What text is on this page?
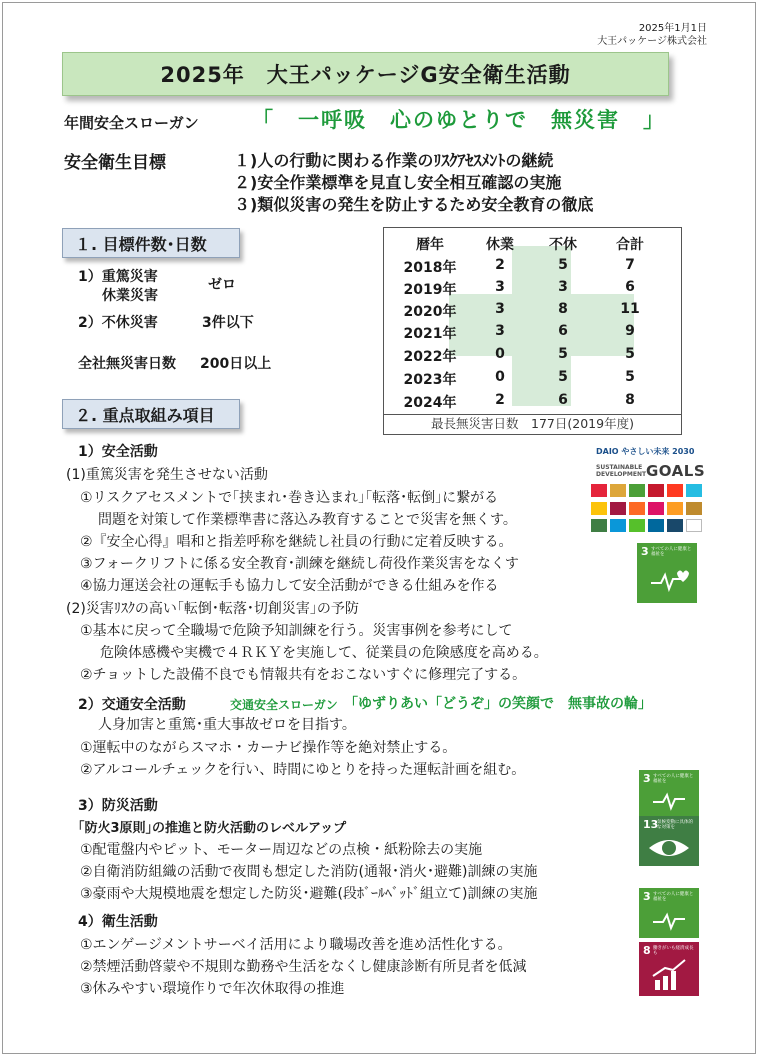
2025年1月1日
大王パッケージ株式会社
2025年　大王パッケージG安全衛生活動
年間安全スローガン	「　一呼吸　心のゆとりで　無災害　」
安全衛生目標	１)人の行動に関わる作業のﾘｽｸｱｾｽﾒﾝﾄの継続
２)安全作業標準を見直し安全相互確認の実施
３)類似災害の発生を防止するため安全教育の徹底
１. 目標件数･日数
1）重篤災害
休業災害
ゼロ
2）不休災害	3件以下
全社無災害日数 200日以上
暦年	休業	不休	合計
2018年	2	5	7
2019年	3	3	6
2020年	3	8	11
2021年	3	6	9
2022年	0	5	5
2023年	0	5	5
2024年	2	6	8
最長無災害日数　177日(2019年度)
２. 重点取組み項目
1）安全活動
(1)重篤災害を発生させない活動
①リスクアセスメントで｢挟まれ･巻き込まれ｣｢転落･転倒｣に繋がる
問題を対策して作業標準書に落込み教育することで災害を無くす。
②『安全心得』唱和と指差呼称を継続し社員の行動に定着反映する。
③フォークリフトに係る安全教育･訓練を継続し荷役作業災害をなくす
④協力運送会社の運転手も協力して安全活動ができる仕組みを作る
(2)災害ﾘｽｸの高い｢転倒･転落･切創災害｣の予防
①基本に戻って全職場で危険予知訓練を行う。災害事例を参考にして
危険体感機や実機で４ＲＫＹを実施して、従業員の危険感度を高める。
②チョットした設備不良でも情報共有をおこないすぐに修理完了する。
2）交通安全活動	交通安全スローガン 「ゆずりあい「どうぞ」の笑顔で　無事故の輪」
人身加害と重篤･重大事故ゼロを目指す。
①運転中のながらスマホ・カーナビ操作等を絶対禁止する。
②アルコールチェックを行い、時間にゆとりを持った運転計画を組む。
3）防災活動
｢防火3原則｣の推進と防火活動のレベルアップ
①配電盤内やピット、モーター周辺などの点検・紙粉除去の実施
②自衛消防組織の活動で夜間も想定した消防(通報･消火･避難)訓練の実施
③豪雨や大規模地震を想定した防災･避難(段ﾎﾞｰﾙﾍﾞｯﾄﾞ組立て)訓練の実施
4）衛生活動
①エンゲージメントサーベイ活用により職場改善を進め活性化する。
②禁煙活動啓蒙や不規則な勤務や生活をなくし健康診断有所見者を低減
③休みやすい環境作りで年次休取得の推進
DAIO やさしい未来 2030
SUSTAINABLE
DEVELOPMENT GOALS
3 すべての人に健康と福祉を
3 すべての人に健康と福祉を
13
気候変動に具体的な対策を
3 すべての人に健康と福祉を
8 働きがいも経済成長も
